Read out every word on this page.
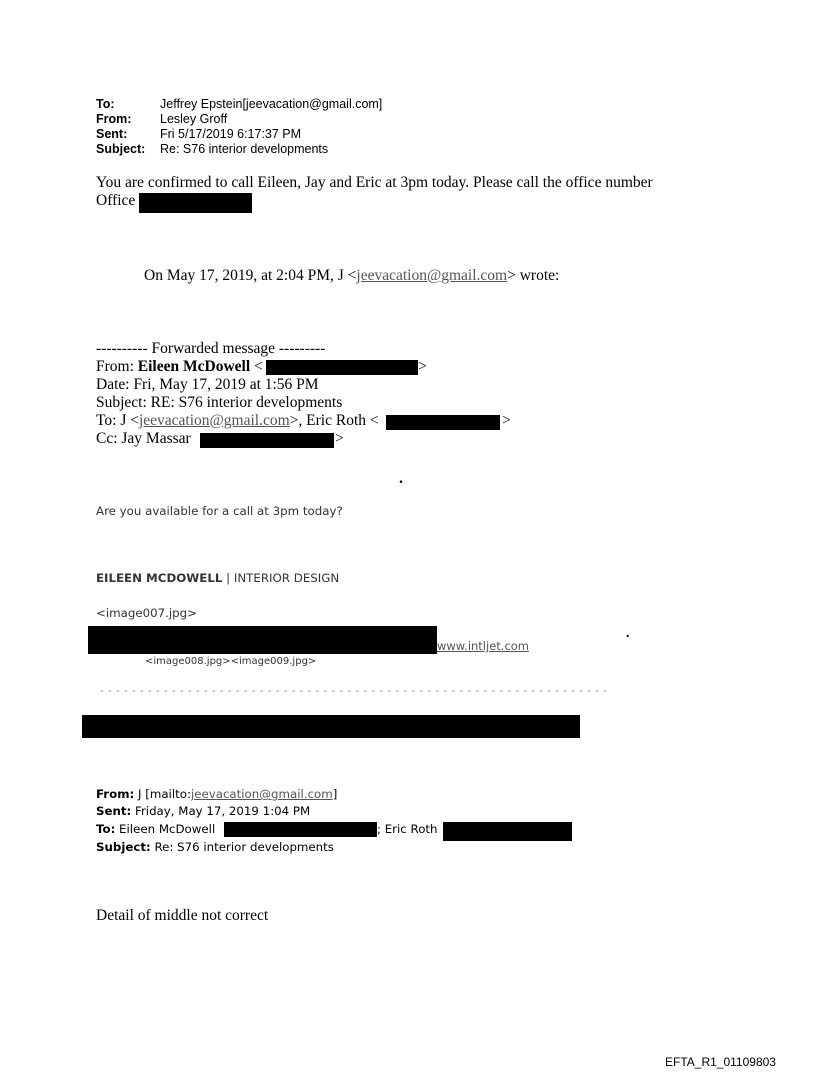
To:	Jeffrey Epstein[jeevacation@gmail.com]
From: Lesley Groff
Sent:	Fri 5/17/2019 6:17:37 PM
Subject: Re: S76 interior developments
You are confirmed to call Eileen, Jay and Eric at 3pm today. Please call the office number
Office
On May 17, 2019, at 2:04 PM, J <jeevacation@gmail.com> wrote:
---------- Forwarded message ---------
From: Eileen McDowell <	>
Date: Fri, May 17, 2019 at 1:56 PM
Subject: RE: S76 interior developments
To: J <jeevacation@gmail.com>, Eric Roth <	>
Cc: Jay Massar	>
.
Are you available for a call at 3pm today?
EILEEN MCDOWELL | INTERIOR DESIGN
<image007.jpg>
www.intljet.com
.
<image008.jpg><image009.jpg>
- - - - - - - - - - - - - - - - - - - - - - - - - - - - - - - - - - - - - - - - - - - - - - - - - - - - - - - - - - - - - - - -
From: J [mailto:jeevacation@gmail.com]
Sent: Friday, May 17, 2019 1:04 PM
To: Eileen McDowell	; Eric Roth
Subject: Re: S76 interior developments
Detail of middle not correct
EFTA_R1_01109803
